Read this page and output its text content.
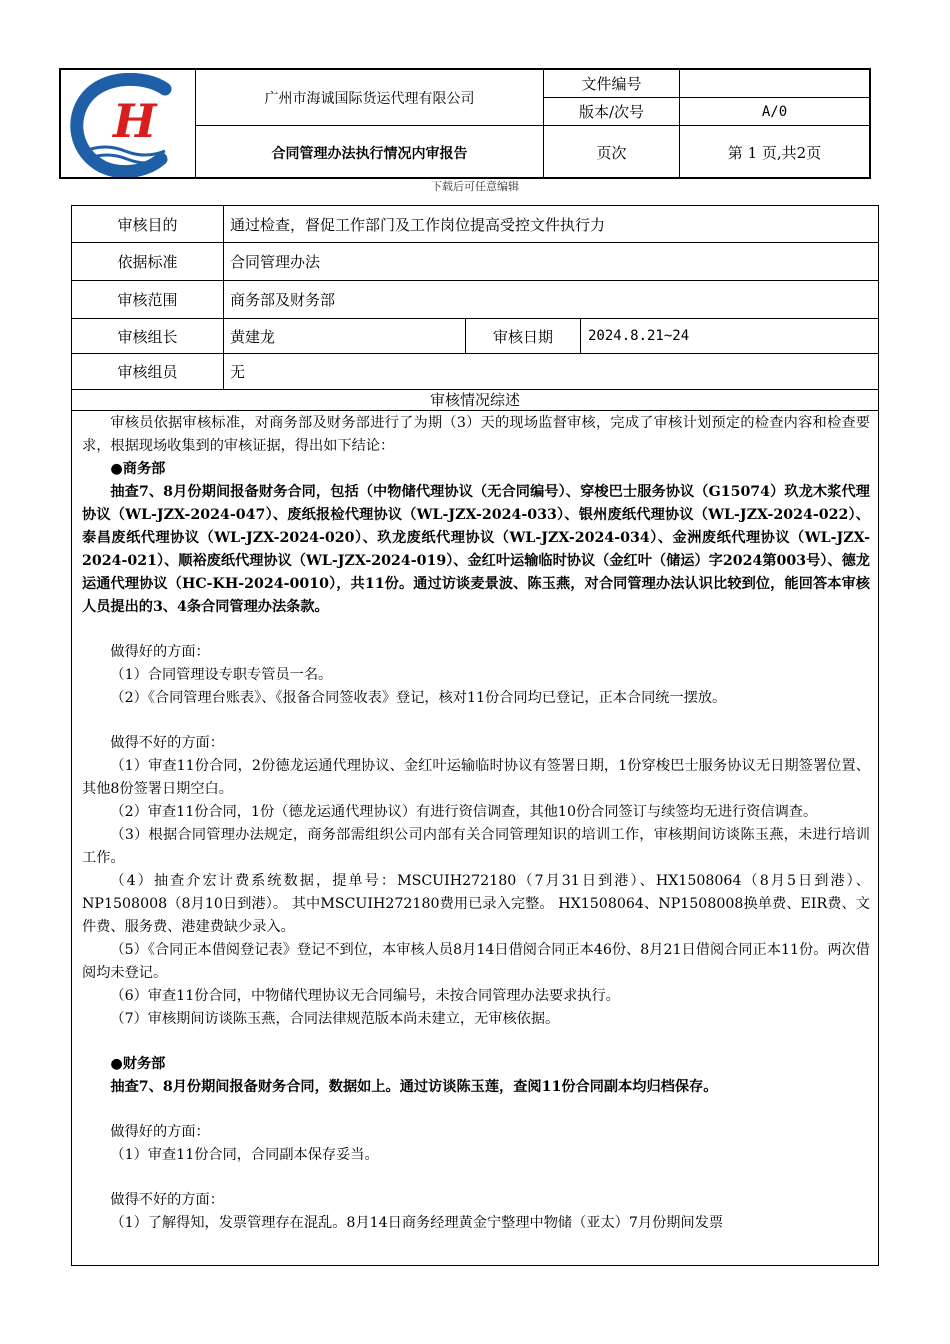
H	广州市海诚国际货运代理有限公司
合同管理办法执行情况内审报告
文件编号
版本/次号	A/0
页次	第 1 页,共2页
下载后可任意编辑
审核目的	通过检查，督促工作部门及工作岗位提高受控文件执行力
依据标准	合同管理办法
审核范围	商务部及财务部
审核组长	黄建龙	审核日期	2024.8.21~24
审核组员	无
审核情况综述

审核员依据审核标准，对商务部及财务部进行了为期（3）天的现场监督审核，完成了审核计划预定的检查内容和检查要求，根据现场收集到的审核证据，得出如下结论：

●商务部

抽查7、8月份期间报备财务合同，包括（中物储代理协议（无合同编号）、穿梭巴士服务协议（G15074）玖龙木浆代理协议（WL-JZX-2024-047）、废纸报检代理协议（WL-JZX-2024-033）、银州废纸代理协议（WL-JZX-2024-022）、泰昌废纸代理协议（WL-JZX-2024-020）、玖龙废纸代理协议（WL-JZX-2024-034）、金洲废纸代理协议（WL-JZX-2024-021）、顺裕废纸代理协议（WL-JZX-2024-019）、金红叶运输临时协议（金红叶（储运）字2024第003号）、德龙运通代理协议（HC-KH-2024-0010），共11份。通过访谈麦景波、陈玉燕，对合同管理办法认识比较到位，能回答本审核人员提出的3、4条合同管理办法条款。

做得好的方面：

（1）合同管理设专职专管员一名。

（2）《合同管理台账表》、《报备合同签收表》登记，核对11份合同均已登记，正本合同统一摆放。

做得不好的方面：

（1）审查11份合同，2份德龙运通代理协议、金红叶运输临时协议有签署日期，1份穿梭巴士服务协议无日期签署位置、其他8份签署日期空白。

（2）审查11份合同，1份（德龙运通代理协议）有进行资信调查，其他10份合同签订与续签均无进行资信调查。

（3）根据合同管理办法规定，商务部需组织公司内部有关合同管理知识的培训工作，审核期间访谈陈玉燕，未进行培训工作。

（4）抽查介宏计费系统数据，提单号：MSCUIH272180（7月31日到港）、HX1508064（8月5日到港）、NP1508008（8月10日到港）。 其中MSCUIH272180费用已录入完整。 HX1508064、NP1508008换单费、EIR费、文件费、服务费、港建费缺少录入。

（5）《合同正本借阅登记表》登记不到位，本审核人员8月14日借阅合同正本46份、8月21日借阅合同正本11份。两次借阅均未登记。

（6）审查11份合同，中物储代理协议无合同编号，未按合同管理办法要求执行。

（7）审核期间访谈陈玉燕，合同法律规范版本尚未建立，无审核依据。

●财务部

抽查7、8月份期间报备财务合同，数据如上。通过访谈陈玉莲，查阅11份合同副本均归档保存。

做得好的方面：

（1）审查11份合同，合同副本保存妥当。

做得不好的方面：

（1）了解得知，发票管理存在混乱。8月14日商务经理黄金宁整理中物储（亚太）7月份期间发票
